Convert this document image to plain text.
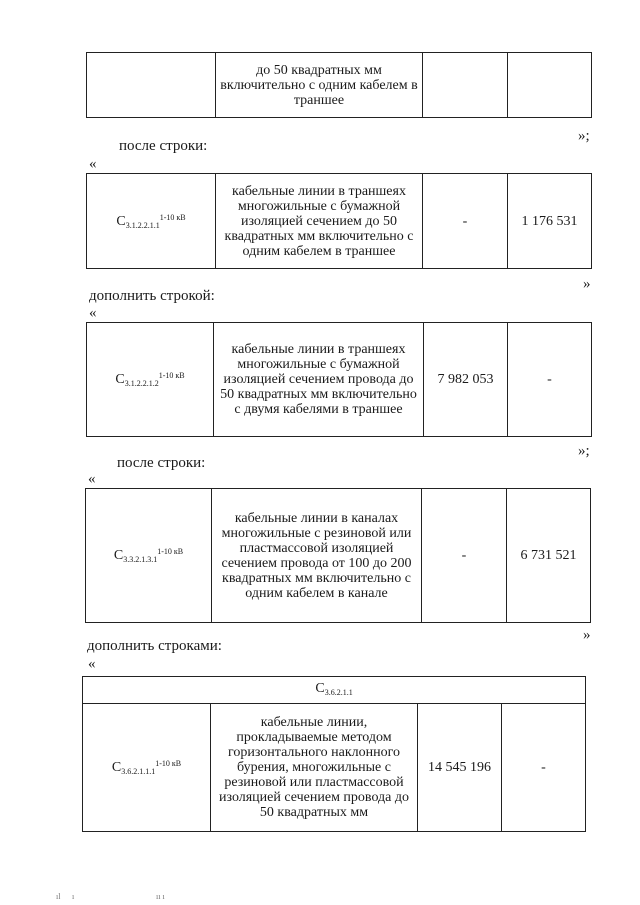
	до 50 квадратных мм включительно с одним кабелем в траншее		
»;
после строки:
«
$C_{3.1.2.2.1.1}^{1-10 кВ}$	кабельные линии в траншеях многожильные с бумажной изоляцией сечением до 50 квадратных мм включительно с одним кабелем в траншее	-	1 176 531
»
дополнить строкой:
«
$C_{3.1.2.2.1.2}^{1-10 кВ}$	кабельные линии в траншеях многожильные с бумажной изоляцией сечением провода до 50 квадратных мм включительно с двумя кабелями в траншее	7 982 053	-
»;
после строки:
«
$C_{3.3.2.1.3.1}^{1-10 кВ}$	кабельные линии в каналах многожильные с резиновой или пластмассовой изоляцией сечением провода от 100 до 200 квадратных мм включительно с одним кабелем в канале	-	6 731 521
»
дополнить строками:
«
$C_{3.6.2.1.1}$
$C_{3.6.2.1.1.1}^{1-10 кВ}$	кабельные линии, прокладываемые методом горизонтального наклонного бурения, многожильные с резиновой или пластмассовой изоляцией сечением провода до 50 квадратных мм	14 545 196	-
ıl ı	ıı ı
